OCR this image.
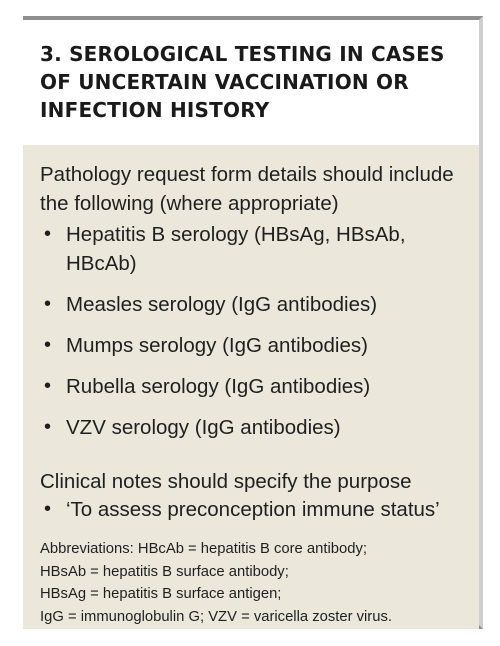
3. SEROLOGICAL TESTING IN CASES OF UNCERTAIN VACCINATION OR INFECTION HISTORY

Pathology request form details should include the following (where appropriate)

• Hepatitis B serology (HBsAg, HBsAb, HBcAb)
• Measles serology (IgG antibodies)
• Mumps serology (IgG antibodies)
• Rubella serology (IgG antibodies)
• VZV serology (IgG antibodies)

Clinical notes should specify the purpose

• ‘To assess preconception immune status’

Abbreviations: HBcAb = hepatitis B core antibody;
HBsAb = hepatitis B surface antibody;
HBsAg = hepatitis B surface antigen;
IgG = immunoglobulin G; VZV = varicella zoster virus.
